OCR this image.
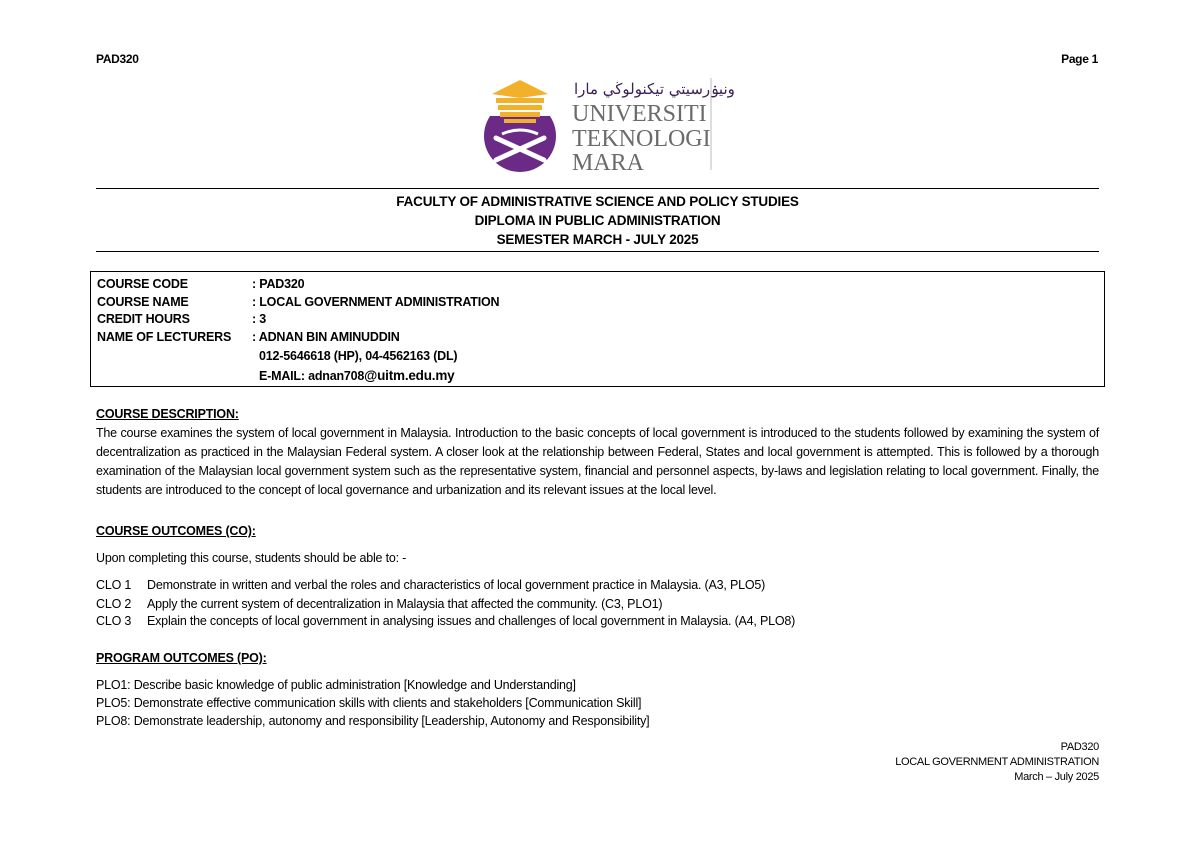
PAD320	Page 1
ونيۏرسيتي تيكنولوڬي مارا
UNIVERSITI
TEKNOLOGI
MARA
FACULTY OF ADMINISTRATIVE SCIENCE AND POLICY STUDIES
DIPLOMA IN PUBLIC ADMINISTRATION
SEMESTER MARCH - JULY 2025
COURSE CODE	: PAD320
COURSE NAME	: LOCAL GOVERNMENT ADMINISTRATION
CREDIT HOURS	: 3
NAME OF LECTURERS : ADNAN BIN AMINUDDIN
012-5646618 (HP), 04-4562163 (DL)
E-MAIL: adnan708@uitm.edu.my
COURSE DESCRIPTION:
The course examines the system of local government in Malaysia. Introduction to the basic concepts of local government is introduced to the students followed by examining the system of decentralization as practiced in the Malaysian Federal system. A closer look at the relationship between Federal, States and local government is attempted. This is followed by a thorough examination of the Malaysian local government system such as the representative system, financial and personnel aspects, by-laws and legislation relating to local government. Finally, the students are introduced to the concept of local governance and urbanization and its relevant issues at the local level.
COURSE OUTCOMES (CO):
Upon completing this course, students should be able to: -
CLO 1 Demonstrate in written and verbal the roles and characteristics of local government practice in Malaysia. (A3, PLO5)
CLO 2 Apply the current system of decentralization in Malaysia that affected the community. (C3, PLO1)
CLO 3 Explain the concepts of local government in analysing issues and challenges of local government in Malaysia. (A4, PLO8)
PROGRAM OUTCOMES (PO):
PLO1: Describe basic knowledge of public administration [Knowledge and Understanding]
PLO5: Demonstrate effective communication skills with clients and stakeholders [Communication Skill]
PLO8: Demonstrate leadership, autonomy and responsibility [Leadership, Autonomy and Responsibility]
PAD320
LOCAL GOVERNMENT ADMINISTRATION
March – July 2025
